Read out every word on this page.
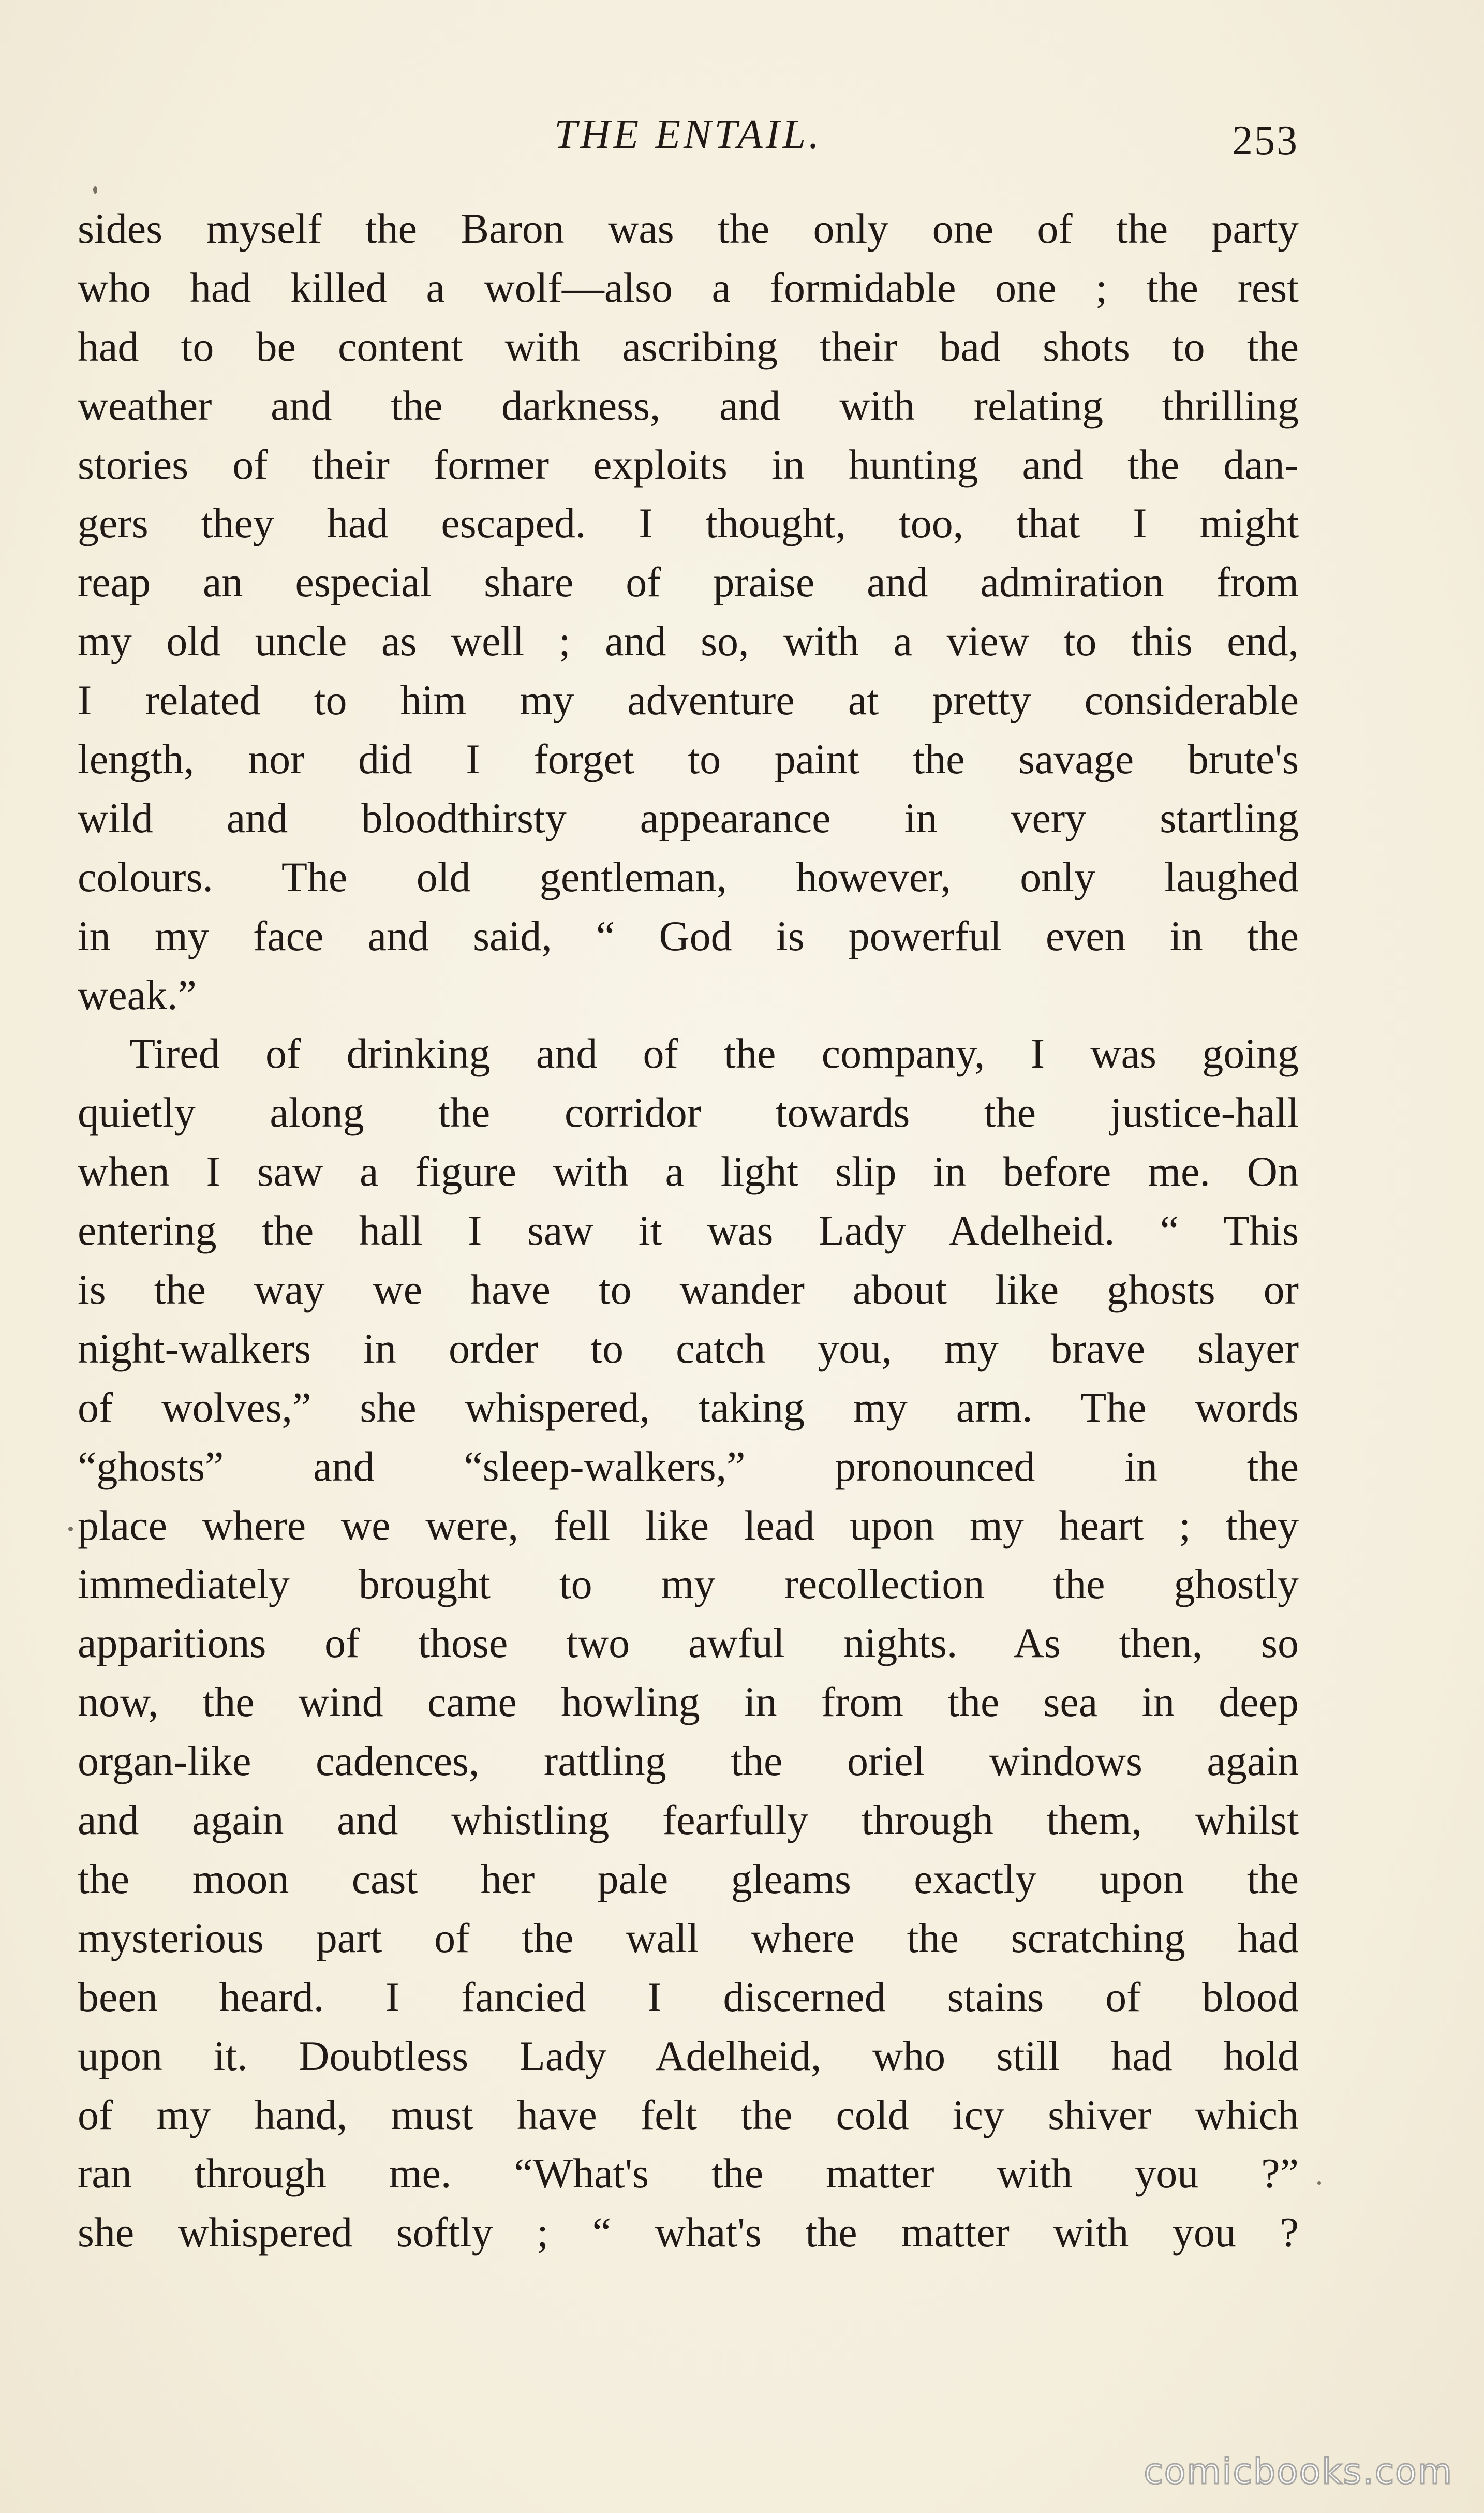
THE ENTAIL.	253
sides myself the Baron was the only one of the party
who had killed a wolf—also a formidable one ; the rest
had to be content with ascribing their bad shots to the
weather and the darkness, and with relating thrilling
stories of their former exploits in hunting and the dan-
gers they had escaped. I thought, too, that I might
reap an especial share of praise and admiration from
my old uncle as well ; and so, with a view to this end,
I related to him my adventure at pretty considerable
length, nor did I forget to paint the savage brute's
wild and bloodthirsty appearance in very startling
colours. The old gentleman, however, only laughed
in my face and said, “ God is powerful even in the
weak.”
Tired of drinking and of the company, I was going
quietly along the corridor towards the justice-hall
when I saw a figure with a light slip in before me. On
entering the hall I saw it was Lady Adelheid. “ This
is the way we have to wander about like ghosts or
night-walkers in order to catch you, my brave slayer
of wolves,” she whispered, taking my arm. The words
“ghosts” and “sleep-walkers,” pronounced in the
place where we were, fell like lead upon my heart ; they
immediately brought to my recollection the ghostly
apparitions of those two awful nights. As then, so
now, the wind came howling in from the sea in deep
organ-like cadences, rattling the oriel windows again
and again and whistling fearfully through them, whilst
the moon cast her pale gleams exactly upon the
mysterious part of the wall where the scratching had
been heard. I fancied I discerned stains of blood
upon it. Doubtless Lady Adelheid, who still had hold
of my hand, must have felt the cold icy shiver which
ran through me. “What's the matter with you ?”
she whispered softly ; “ what's the matter with you ?
comicbooks.com
